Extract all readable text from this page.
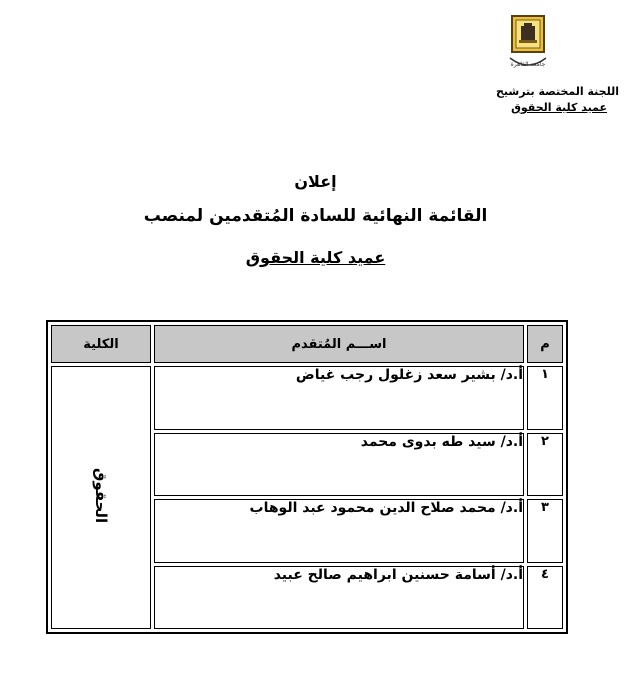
جامعة القاهرة
اللجنة المختصة بترشيح
عميد كلية الحقوق
إعلان
القائمة النهائية للسادة المُتقدمين لمنصب
عميد كلية الحقوق
م	اســـم المُتقدم	الكلية
١	أ.د/ بشير سعد زغلول رجب غياض	الحقوق
٢	أ.د/ سيد طه بدوى محمد	
٣	أ.د/ محمد صلاح الدين محمود عبد الوهاب	
٤	أ.د/ أسامة حسنين ابراهيم صالح عبيد	
